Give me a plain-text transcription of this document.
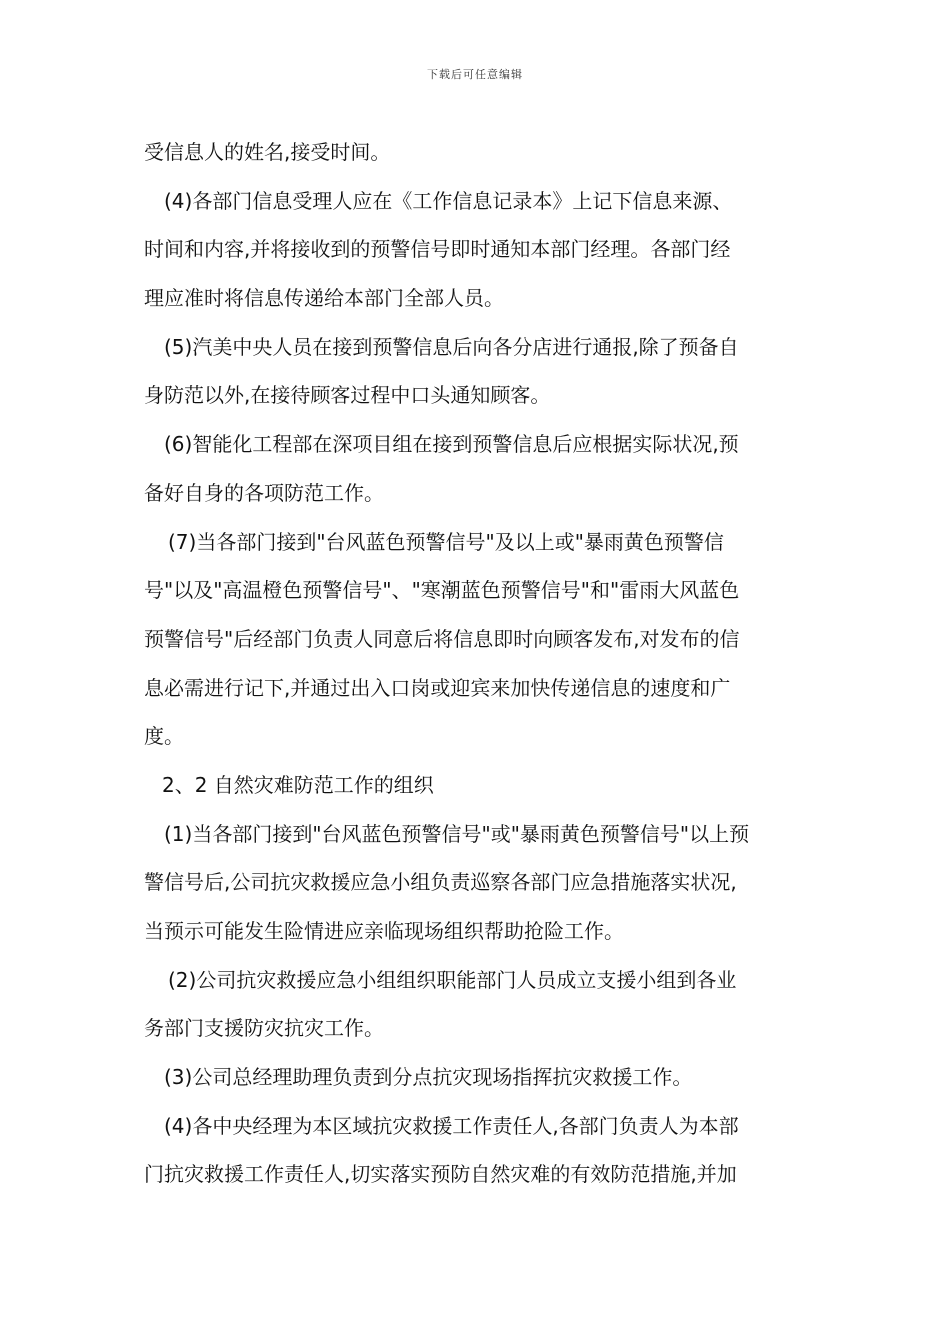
下载后可任意编辑
受信息人的姓名,接受时间。
(4)各部门信息受理人应在《工作信息记录本》上记下信息来源、
时间和内容,并将接收到的预警信号即时通知本部门经理。各部门经
理应准时将信息传递给本部门全部人员。
(5)汽美中央人员在接到预警信息后向各分店进行通报,除了预备自
身防范以外,在接待顾客过程中口头通知顾客。
(6)智能化工程部在深项目组在接到预警信息后应根据实际状况,预
备好自身的各项防范工作。
(7)当各部门接到"台风蓝色预警信号"及以上或"暴雨黄色预警信
号"以及"高温橙色预警信号"、"寒潮蓝色预警信号"和"雷雨大风蓝色
预警信号"后经部门负责人同意后将信息即时向顾客发布,对发布的信
息必需进行记下,并通过出入口岗或迎宾来加快传递信息的速度和广
度。
2、2 自然灾难防范工作的组织
(1)当各部门接到"台风蓝色预警信号"或"暴雨黄色预警信号"以上预
警信号后,公司抗灾救援应急小组负责巡察各部门应急措施落实状况,
当预示可能发生险情进应亲临现场组织帮助抢险工作。
(2)公司抗灾救援应急小组组织职能部门人员成立支援小组到各业
务部门支援防灾抗灾工作。
(3)公司总经理助理负责到分点抗灾现场指挥抗灾救援工作。
(4)各中央经理为本区域抗灾救援工作责任人,各部门负责人为本部
门抗灾救援工作责任人,切实落实预防自然灾难的有效防范措施,并加
